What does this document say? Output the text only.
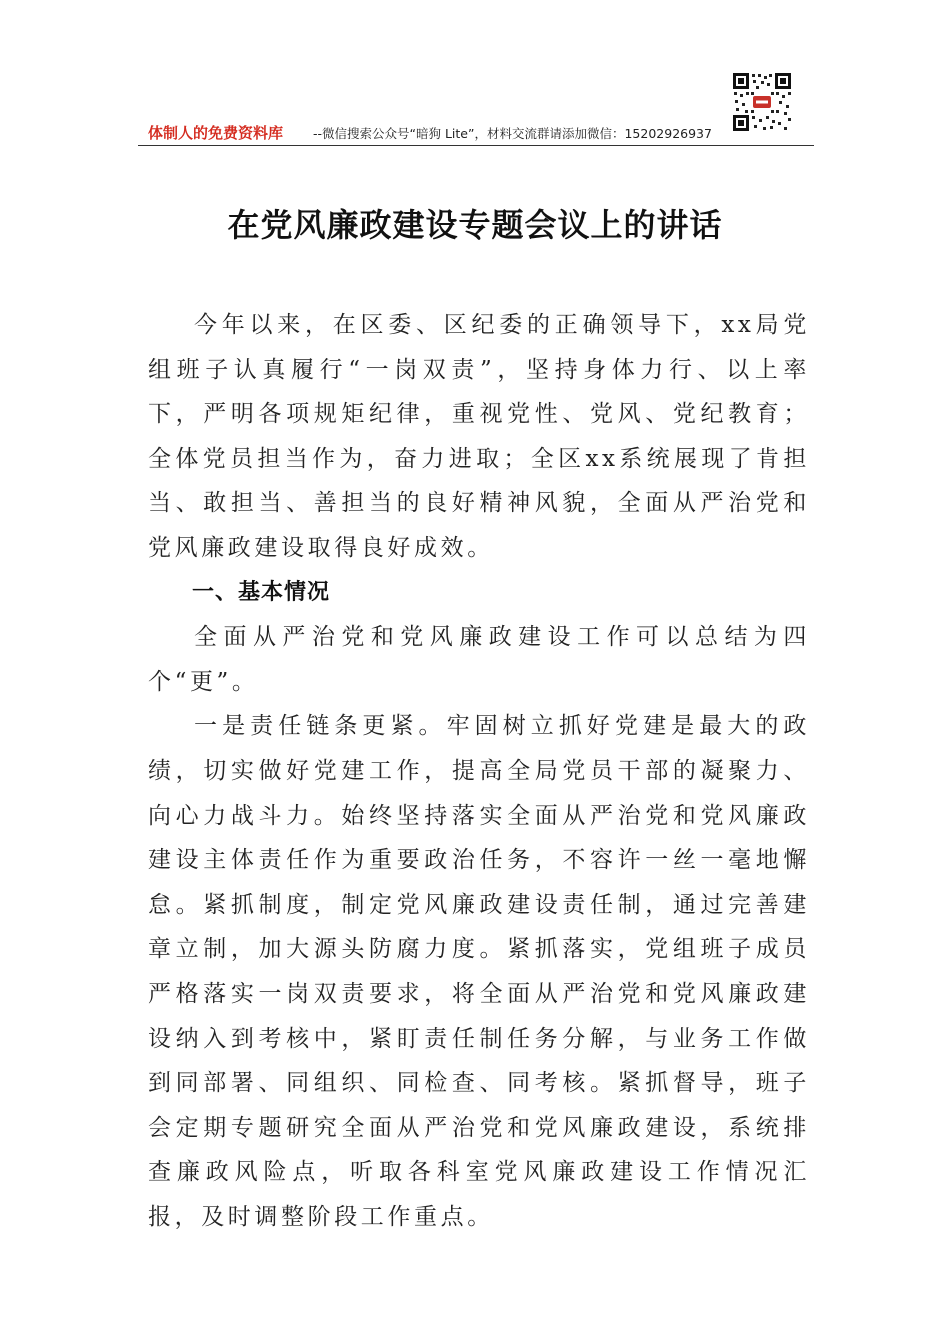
体制人的免费资料库 --微信搜索公众号“暗狗 Lite”，材料交流群请添加微信：15202926937
在党风廉政建设专题会议上的讲话

今年以来，在区委、区纪委的正确领导下，xx局党组班子认真履行“一岗双责”，坚持身体力行、以上率下，严明各项规矩纪律，重视党性、党风、党纪教育；全体党员担当作为，奋力进取；全区xx系统展现了肯担当、敢担当、善担当的良好精神风貌，全面从严治党和党风廉政建设取得良好成效。

一、基本情况

全面从严治党和党风廉政建设工作可以总结为四个“更”。

一是责任链条更紧。牢固树立抓好党建是最大的政绩，切实做好党建工作，提高全局党员干部的凝聚力、向心力战斗力。始终坚持落实全面从严治党和党风廉政建设主体责任作为重要政治任务，不容许一丝一毫地懈怠。紧抓制度，制定党风廉政建设责任制，通过完善建章立制，加大源头防腐力度。紧抓落实，党组班子成员严格落实一岗双责要求，将全面从严治党和党风廉政建设纳入到考核中，紧盯责任制任务分解，与业务工作做到同部署、同组织、同检查、同考核。紧抓督导，班子会定期专题研究全面从严治党和党风廉政建设，系统排查廉政风险点，听取各科室党风廉政建设工作情况汇报，及时调整阶段工作重点。
